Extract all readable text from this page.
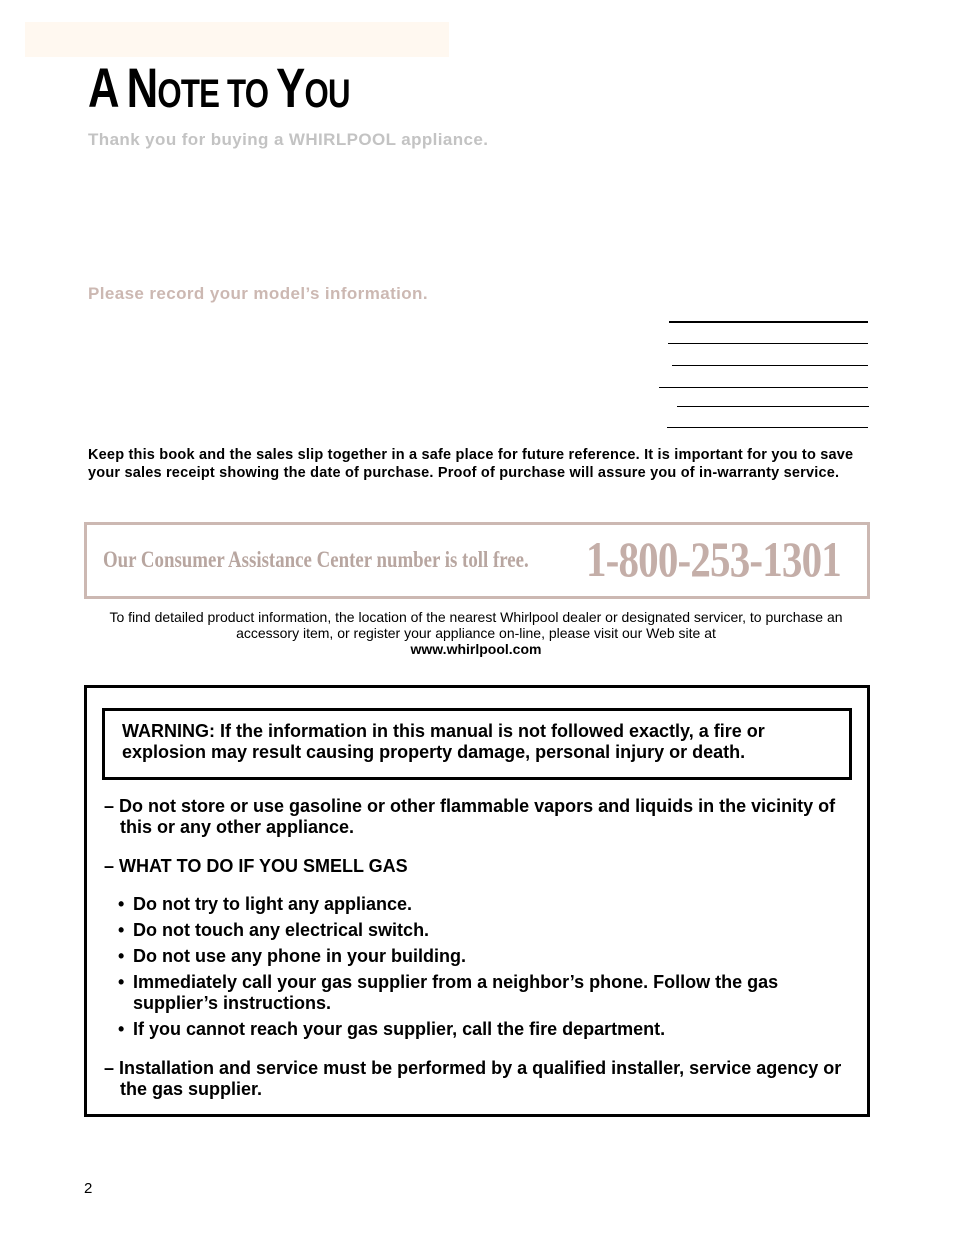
A NOTE TO YOU

Thank you for buying a WHIRLPOOL appliance.

Please record your model’s information.

Keep this book and the sales slip together in a safe place for future reference. It is important for you to save your sales receipt showing the date of purchase. Proof of purchase will assure you of in-warranty service.

Our Consumer Assistance Center number is toll free. 1-800-253-1301

To find detailed product information, the location of the nearest Whirlpool dealer or designated servicer, to purchase an accessory item, or register your appliance on-line, please visit our Web site at
www.whirlpool.com

WARNING: If the information in this manual is not followed exactly, a fire or explosion may result causing property damage, personal injury or death.

– Do not store or use gasoline or other flammable vapors and liquids in the vicinity of this or any other appliance.

– WHAT TO DO IF YOU SMELL GAS

• Do not try to light any appliance.
• Do not touch any electrical switch.
• Do not use any phone in your building.
• Immediately call your gas supplier from a neighbor’s phone. Follow the gas supplier’s instructions.
• If you cannot reach your gas supplier, call the fire department.

– Installation and service must be performed by a qualified installer, service agency or the gas supplier.

2
